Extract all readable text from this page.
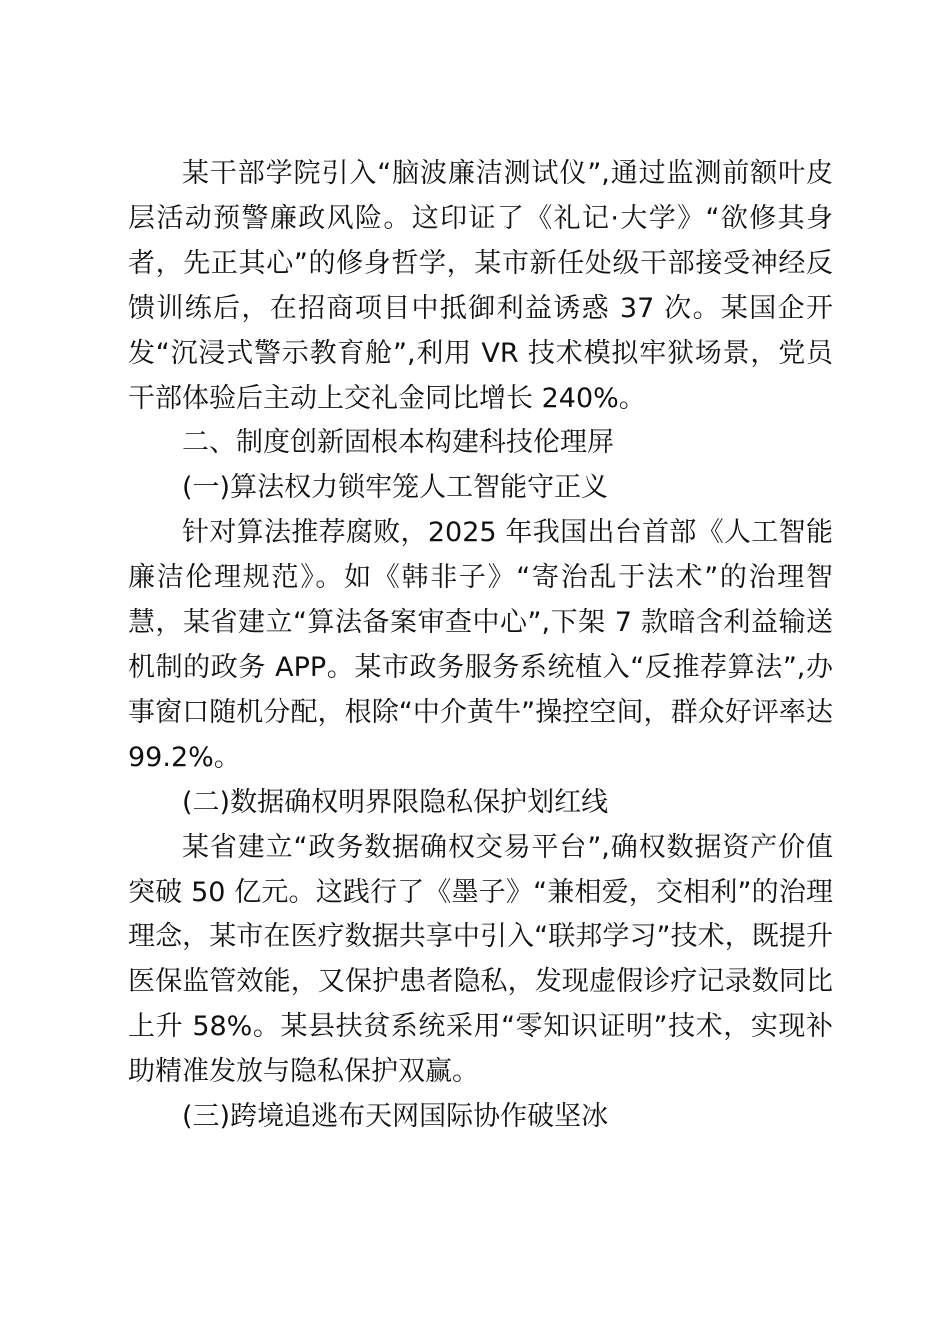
某干部学院引入“脑波廉洁测试仪”,通过监测前额叶皮层活动预警廉政风险。这印证了《礼记·大学》“欲修其身者，先正其心”的修身哲学，某市新任处级干部接受神经反馈训练后，在招商项目中抵御利益诱惑 37 次。某国企开发“沉浸式警示教育舱”,利用 VR 技术模拟牢狱场景，党员干部体验后主动上交礼金同比增长 240%。

二、制度创新固根本构建科技伦理屏

(一)算法权力锁牢笼人工智能守正义

针对算法推荐腐败，2025 年我国出台首部《人工智能廉洁伦理规范》。如《韩非子》“寄治乱于法术”的治理智慧，某省建立“算法备案审查中心”,下架 7 款暗含利益输送机制的政务 APP。某市政务服务系统植入“反推荐算法”,办事窗口随机分配，根除“中介黄牛”操控空间，群众好评率达 99.2%。

(二)数据确权明界限隐私保护划红线

某省建立“政务数据确权交易平台”,确权数据资产价值突破 50 亿元。这践行了《墨子》“兼相爱，交相利”的治理理念，某市在医疗数据共享中引入“联邦学习”技术，既提升医保监管效能，又保护患者隐私，发现虚假诊疗记录数同比上升 58%。某县扶贫系统采用“零知识证明”技术，实现补助精准发放与隐私保护双赢。

(三)跨境追逃布天网国际协作破坚冰
